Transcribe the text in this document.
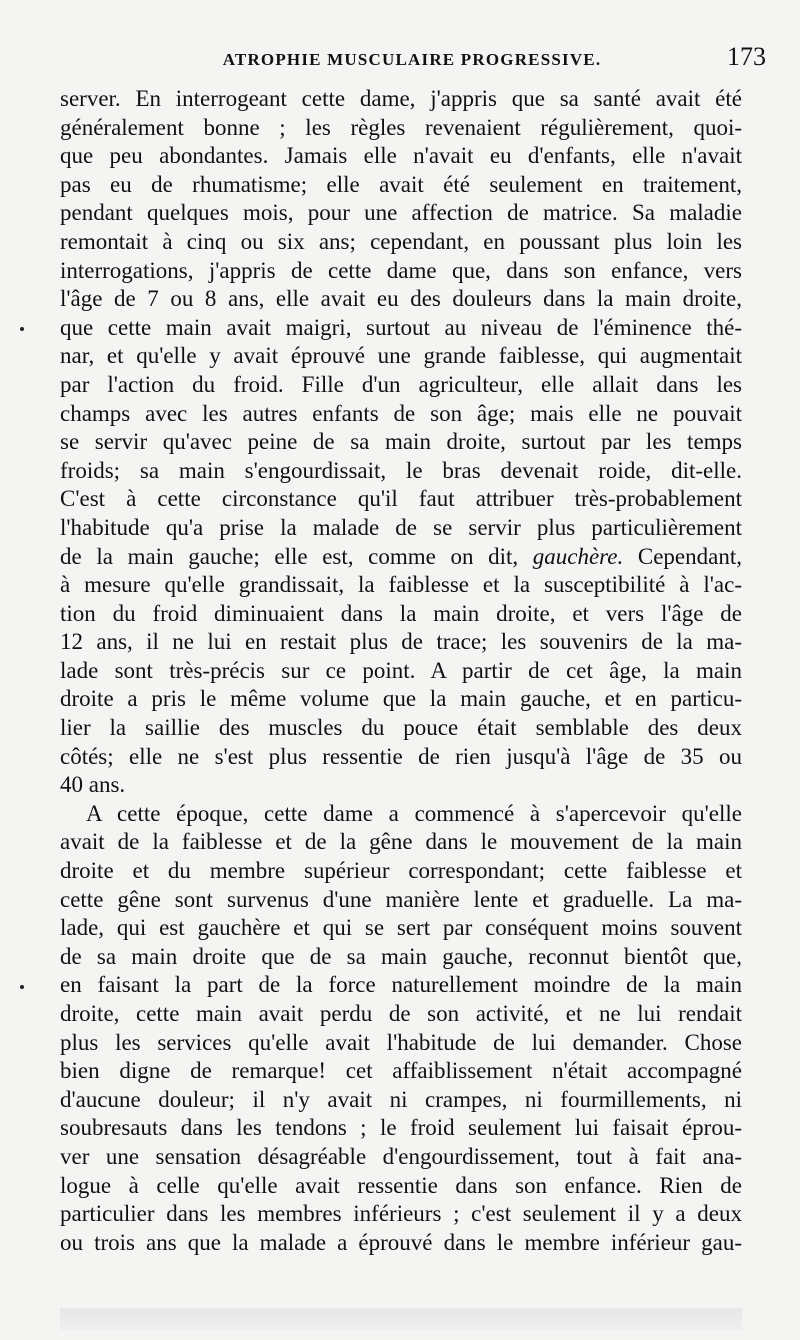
ATROPHIE MUSCULAIRE PROGRESSIVE.	173
server. En interrogeant cette dame, j'appris que sa santé avait été
généralement bonne ; les règles revenaient régulièrement, quoi-
que peu abondantes. Jamais elle n'avait eu d'enfants, elle n'avait
pas eu de rhumatisme; elle avait été seulement en traitement,
pendant quelques mois, pour une affection de matrice. Sa maladie
remontait à cinq ou six ans; cependant, en poussant plus loin les
interrogations, j'appris de cette dame que, dans son enfance, vers
l'âge de 7 ou 8 ans, elle avait eu des douleurs dans la main droite,
que cette main avait maigri, surtout au niveau de l'éminence thé-
nar, et qu'elle y avait éprouvé une grande faiblesse, qui augmentait
par l'action du froid. Fille d'un agriculteur, elle allait dans les
champs avec les autres enfants de son âge; mais elle ne pouvait
se servir qu'avec peine de sa main droite, surtout par les temps
froids; sa main s'engourdissait, le bras devenait roide, dit-elle.
C'est à cette circonstance qu'il faut attribuer très-probablement
l'habitude qu'a prise la malade de se servir plus particulièrement
de la main gauche; elle est, comme on dit, gauchère. Cependant,
à mesure qu'elle grandissait, la faiblesse et la susceptibilité à l'ac-
tion du froid diminuaient dans la main droite, et vers l'âge de
12 ans, il ne lui en restait plus de trace; les souvenirs de la ma-
lade sont très-précis sur ce point. A partir de cet âge, la main
droite a pris le même volume que la main gauche, et en particu-
lier la saillie des muscles du pouce était semblable des deux
côtés; elle ne s'est plus ressentie de rien jusqu'à l'âge de 35 ou
40 ans.
A cette époque, cette dame a commencé à s'apercevoir qu'elle
avait de la faiblesse et de la gêne dans le mouvement de la main
droite et du membre supérieur correspondant; cette faiblesse et
cette gêne sont survenus d'une manière lente et graduelle. La ma-
lade, qui est gauchère et qui se sert par conséquent moins souvent
de sa main droite que de sa main gauche, reconnut bientôt que,
en faisant la part de la force naturellement moindre de la main
droite, cette main avait perdu de son activité, et ne lui rendait
plus les services qu'elle avait l'habitude de lui demander. Chose
bien digne de remarque! cet affaiblissement n'était accompagné
d'aucune douleur; il n'y avait ni crampes, ni fourmillements, ni
soubresauts dans les tendons ; le froid seulement lui faisait éprou-
ver une sensation désagréable d'engourdissement, tout à fait ana-
logue à celle qu'elle avait ressentie dans son enfance. Rien de
particulier dans les membres inférieurs ; c'est seulement il y a deux
ou trois ans que la malade a éprouvé dans le membre inférieur gau-
